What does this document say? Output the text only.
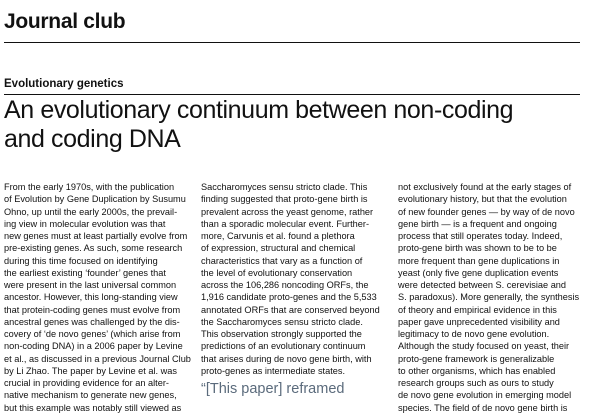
Journal club

Evolutionary genetics

An evolutionary continuum between non-coding
and coding DNA
From the early 1970s, with the publication
of Evolution by Gene Duplication by Susumu
Ohno, up until the early 2000s, the prevail-
ing view in molecular evolution was that
new genes must at least partially evolve from
pre-existing genes. As such, some research
during this time focused on identifying
the earliest existing ‘founder’ genes that
were present in the last universal common
ancestor. However, this long-standing view
that protein-coding genes must evolve from
ancestral genes was challenged by the dis-
covery of ‘de novo genes’ (which arise from
non-coding DNA) in a 2006 paper by Levine
et al., as discussed in a previous Journal Club
by Li Zhao. The paper by Levine et al. was
crucial in providing evidence for an alter-
native mechanism to generate new genes,
but this example was notably still viewed as
Saccharomyces sensu stricto clade. This
finding suggested that proto-gene birth is
prevalent across the yeast genome, rather
than a sporadic molecular event. Further-
more, Carvunis et al. found a plethora
of expression, structural and chemical
characteristics that vary as a function of
the level of evolutionary conservation
across the 106,286 noncoding ORFs, the
1,916 candidate proto-genes and the 5,533
annotated ORFs that are conserved beyond
the Saccharomyces sensu stricto clade.
This observation strongly supported the
predictions of an evolutionary continuum
that arises during de novo gene birth, with
proto-genes as intermediate states.
not exclusively found at the early stages of
evolutionary history, but that the evolution
of new founder genes — by way of de novo
gene birth — is a frequent and ongoing
process that still operates today. Indeed,
proto-gene birth was shown to be to be
more frequent than gene duplications in
yeast (only five gene duplication events
were detected between S. cerevisiae and
S. paradoxus). More generally, the synthesis
of theory and empirical evidence in this
paper gave unprecedented visibility and
legitimacy to de novo gene evolution.
Although the study focused on yeast, their
proto-gene framework is generalizable
to other organisms, which has enabled
research groups such as ours to study
de novo gene evolution in emerging model
species. The field of de novo gene birth is

“[This paper] reframed
